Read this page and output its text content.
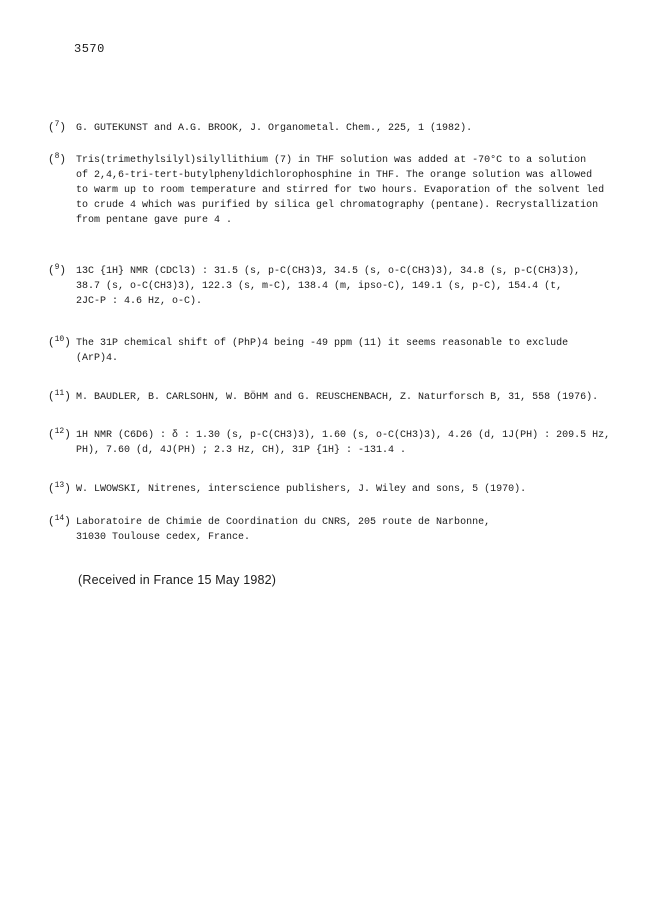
3570
($^7$) G. GUTEKUNST and A.G. BROOK, J. Organometal. Chem., 225, 1 (1982).
($^8$) Tris(trimethylsilyl)silyllithium (7) in THF solution was added at -70°C to a solution
of 2,4,6-tri-tert-butylphenyldichlorophosphine in THF. The orange solution was allowed
to warm up to room temperature and stirred for two hours. Evaporation of the solvent led
to crude 4 which was purified by silica gel chromatography (pentane). Recrystallization
from pentane gave pure 4 .
($^9$) 13C {1H} NMR (CDCl3) : 31.5 (s, p-C(CH3)3, 34.5 (s, o-C(CH3)3), 34.8 (s, p-C(CH3)3),
38.7 (s, o-C(CH3)3), 122.3 (s, m-C), 138.4 (m, ipso-C), 149.1 (s, p-C), 154.4 (t,
2JC-P : 4.6 Hz, o-C).
($^{10}$) The 31P chemical shift of (PhP)4 being -49 ppm (11) it seems reasonable to exclude
(ArP)4.
($^{11}$) M. BAUDLER, B. CARLSOHN, W. BÖHM and G. REUSCHENBACH, Z. Naturforsch B, 31, 558 (1976).
($^{12}$) 1H NMR (C6D6) : δ : 1.30 (s, p-C(CH3)3), 1.60 (s, o-C(CH3)3), 4.26 (d, 1J(PH) : 209.5 Hz,
PH), 7.60 (d, 4J(PH) ; 2.3 Hz, CH), 31P {1H} : -131.4 .
($^{13}$) W. LWOWSKI, Nitrenes, interscience publishers, J. Wiley and sons, 5 (1970).
($^{14}$) Laboratoire de Chimie de Coordination du CNRS, 205 route de Narbonne,
31030 Toulouse cedex, France.
(Received in France 15 May 1982)
